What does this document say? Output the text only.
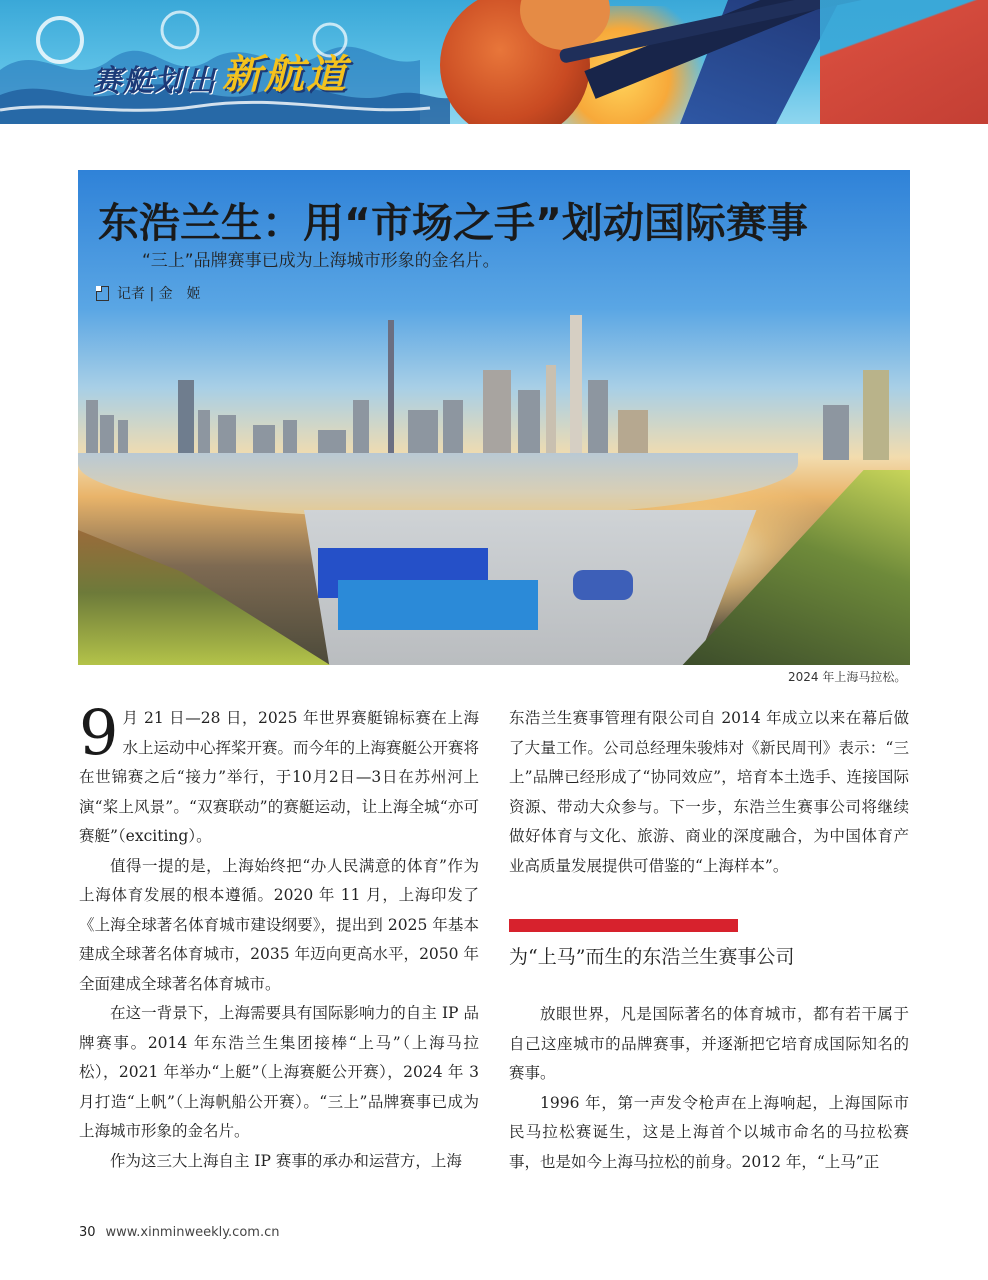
赛艇划出 新航道
东浩兰生：用“市场之手”划动国际赛事
“三上”品牌赛事已成为上海城市形象的金名片。
记者 | 金　姬
2024 年上海马拉松。

9 月 21 日—28 日，2025 年世界赛艇锦标赛在上海水上运动中心挥桨开赛。而今年的上海赛艇公开赛将在世锦赛之后“接力”举行，于10月2日—3日在苏州河上演“桨上风景”。“双赛联动”的赛艇运动，让上海全城“亦可赛艇”（exciting）。

值得一提的是，上海始终把“办人民满意的体育”作为上海体育发展的根本遵循。2020 年 11 月，上海印发了《上海全球著名体育城市建设纲要》，提出到 2025 年基本建成全球著名体育城市，2035 年迈向更高水平，2050 年全面建成全球著名体育城市。

在这一背景下，上海需要具有国际影响力的自主 IP 品牌赛事。2014 年东浩兰生集团接棒“上马”（上海马拉松），2021 年举办“上艇”（上海赛艇公开赛），2024 年 3 月打造“上帆”（上海帆船公开赛）。“三上”品牌赛事已成为上海城市形象的金名片。

作为这三大上海自主 IP 赛事的承办和运营方，上海

东浩兰生赛事管理有限公司自 2014 年成立以来在幕后做了大量工作。公司总经理朱骏炜对《新民周刊》表示：“三上”品牌已经形成了“协同效应”，培育本土选手、连接国际资源、带动大众参与。下一步，东浩兰生赛事公司将继续做好体育与文化、旅游、商业的深度融合，为中国体育产业高质量发展提供可借鉴的“上海样本”。

为“上马”而生的东浩兰生赛事公司

放眼世界，凡是国际著名的体育城市，都有若干属于自己这座城市的品牌赛事，并逐渐把它培育成国际知名的赛事。

1996 年，第一声发令枪声在上海响起，上海国际市民马拉松赛诞生，这是上海首个以城市命名的马拉松赛事，也是如今上海马拉松的前身。2012 年，“上马”正

30 www.xinminweekly.com.cn
